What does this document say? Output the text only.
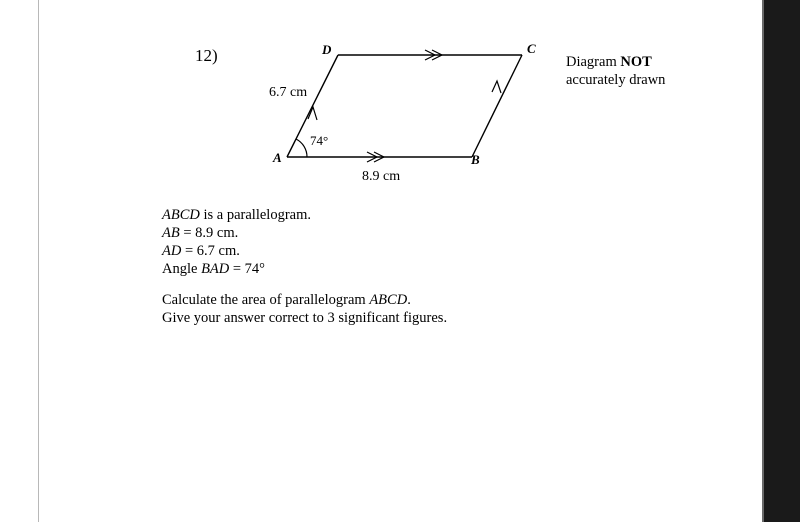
12)	Diagram NOT
accurately drawn
D	C
A	B
6.7 cm
8.9 cm
74°
ABCD is a parallelogram.
AB = 8.9 cm.
AD = 6.7 cm.
Angle BAD = 74°
Calculate the area of parallelogram ABCD.
Give your answer correct to 3 significant figures.
